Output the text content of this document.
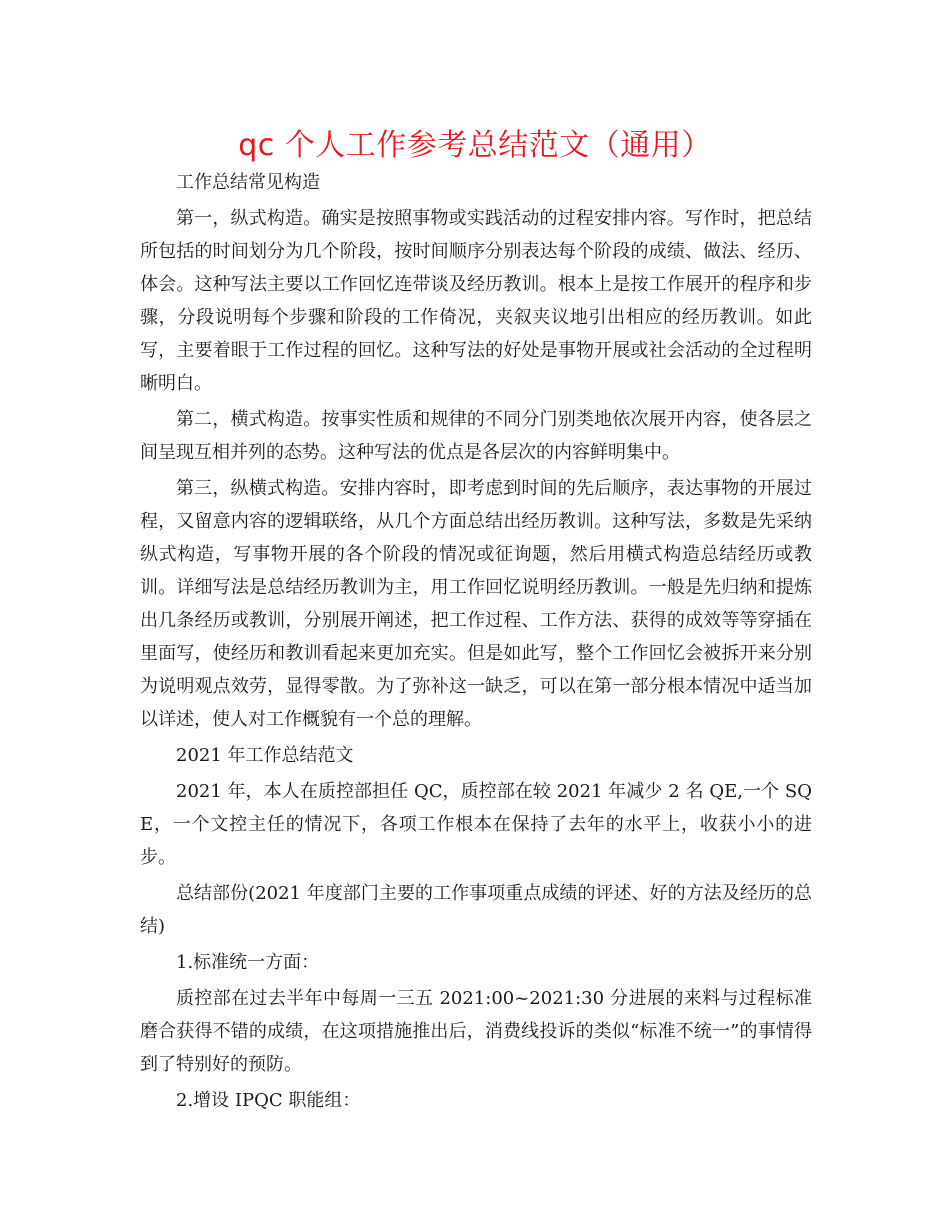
qc 个人工作参考总结范文（通用）

工作总结常见构造

第一，纵式构造。确实是按照事物或实践活动的过程安排内容。写作时，把总结所包括的时间划分为几个阶段，按时间顺序分别表达每个阶段的成绩、做法、经历、体会。这种写法主要以工作回忆连带谈及经历教训。根本上是按工作展开的程序和步骤，分段说明每个步骤和阶段的工作倚况，夹叙夹议地引出相应的经历教训。如此写，主要着眼于工作过程的回忆。这种写法的好处是事物开展或社会活动的全过程明晰明白。

第二，横式构造。按事实性质和规律的不同分门别类地依次展开内容，使各层之间呈现互相并列的态势。这种写法的优点是各层次的内容鲜明集中。

第三，纵横式构造。安排内容时，即考虑到时间的先后顺序，表达事物的开展过程，又留意内容的逻辑联络，从几个方面总结出经历教训。这种写法，多数是先采纳纵式构造，写事物开展的各个阶段的情况或征询题，然后用横式构造总结经历或教训。详细写法是总结经历教训为主，用工作回忆说明经历教训。一般是先归纳和提炼出几条经历或教训，分别展开阐述，把工作过程、工作方法、获得的成效等等穿插在里面写，使经历和教训看起来更加充实。但是如此写，整个工作回忆会被拆开来分别为说明观点效劳，显得零散。为了弥补这一缺乏，可以在第一部分根本情况中适当加以详述，使人对工作概貌有一个总的理解。

2021 年工作总结范文

2021 年，本人在质控部担任 QC，质控部在较 2021 年减少 2 名 QE,一个 SQE，一个文控主任的情况下，各项工作根本在保持了去年的水平上，收获小小的进步。

总结部份(2021 年度部门主要的工作事项重点成绩的评述、好的方法及经历的总结)

1.标准统一方面：

质控部在过去半年中每周一三五 2021:00~2021:30 分进展的来料与过程标准磨合获得不错的成绩，在这项措施推出后，消费线投诉的类似“标准不统一”的事情得到了特别好的预防。

2.增设 IPQC 职能组：
